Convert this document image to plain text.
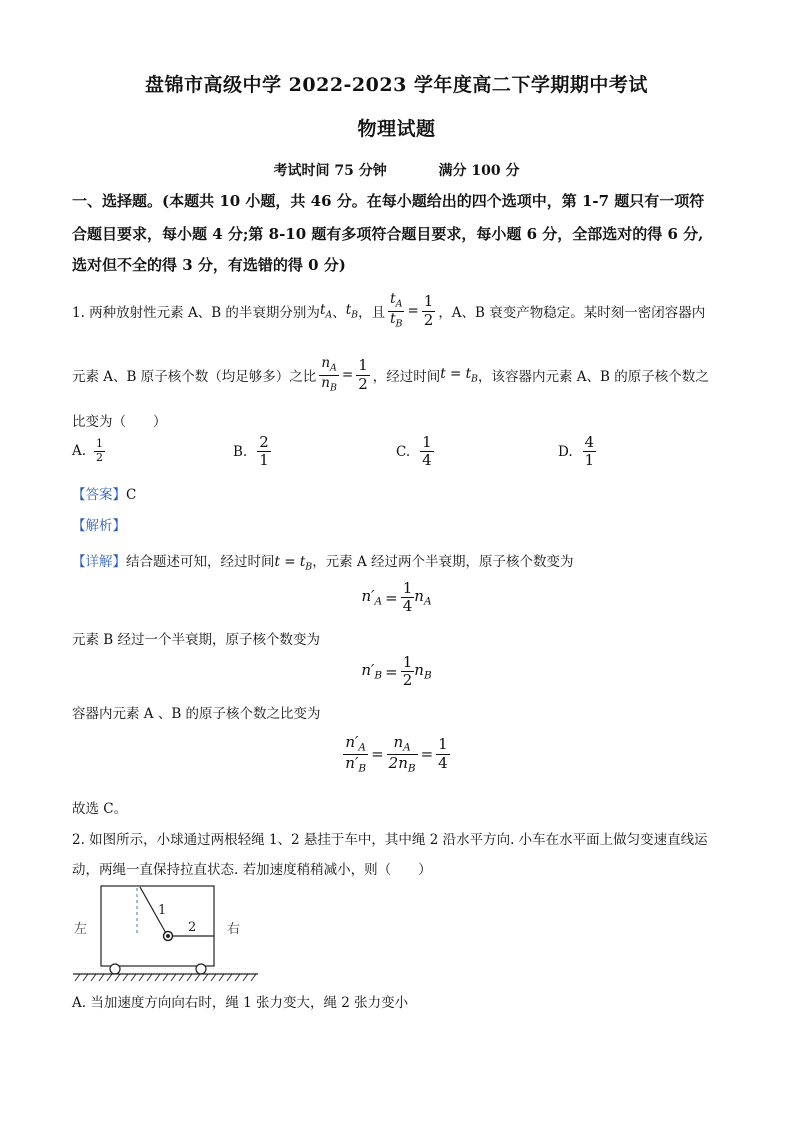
盘锦市高级中学 2022-2023 学年度高二下学期期中考试
物理试题
考试时间 75 分钟	满分 100 分
一、选择题。(本题共 10 小题，共 46 分。在每小题给出的四个选项中，第 1-7 题只有一项符
合题目要求，每小题 4 分;第 8-10 题有多项符合题目要求，每小题 6 分，全部选对的得 6 分,
选对但不全的得 3 分，有选错的得 0 分)
1. 两种放射性元素 A、B 的半衰期分别为 $t_A$ 、 $t_B$ ，且 $\frac{t_A}{t_B} = \frac{1}{2}$ ，A、B 衰变产物稳定。某时刻一密闭容器内
元素 A、B 原子核个数（均足够多）之比 $\frac{n_A}{n_B} = \frac{1}{2}$ ，经过时间 $t = t_B$ ，该容器内元素 A、B 的原子核个数之
比变为（　　）
A. $\frac{1}{2}$	B. $\frac{2}{1}$	C. $\frac{1}{4}$	D. $\frac{4}{1}$
【答案】C
【解析】
【详解】结合题述可知，经过时间$t = t_B$，元素 A 经过两个半衰期，原子核个数变为
$n'_A = \frac{1}{4} n_A$
元素 B 经过一个半衰期，原子核个数变为
$n'_B = \frac{1}{2} n_B$
容器内元素 A 、B 的原子核个数之比变为
$\frac{n'_A}{n'_B} = \frac{n_A}{2n_B} = \frac{1}{4}$
故选 C。
2. 如图所示，小球通过两根轻绳 1、2 悬挂于车中，其中绳 2 沿水平方向. 小车在水平面上做匀变速直线运
动，两绳一直保持拉直状态. 若加速度稍稍减小，则（　　）
左	右
1
2
A. 当加速度方向向右时，绳 1 张力变大，绳 2 张力变小
